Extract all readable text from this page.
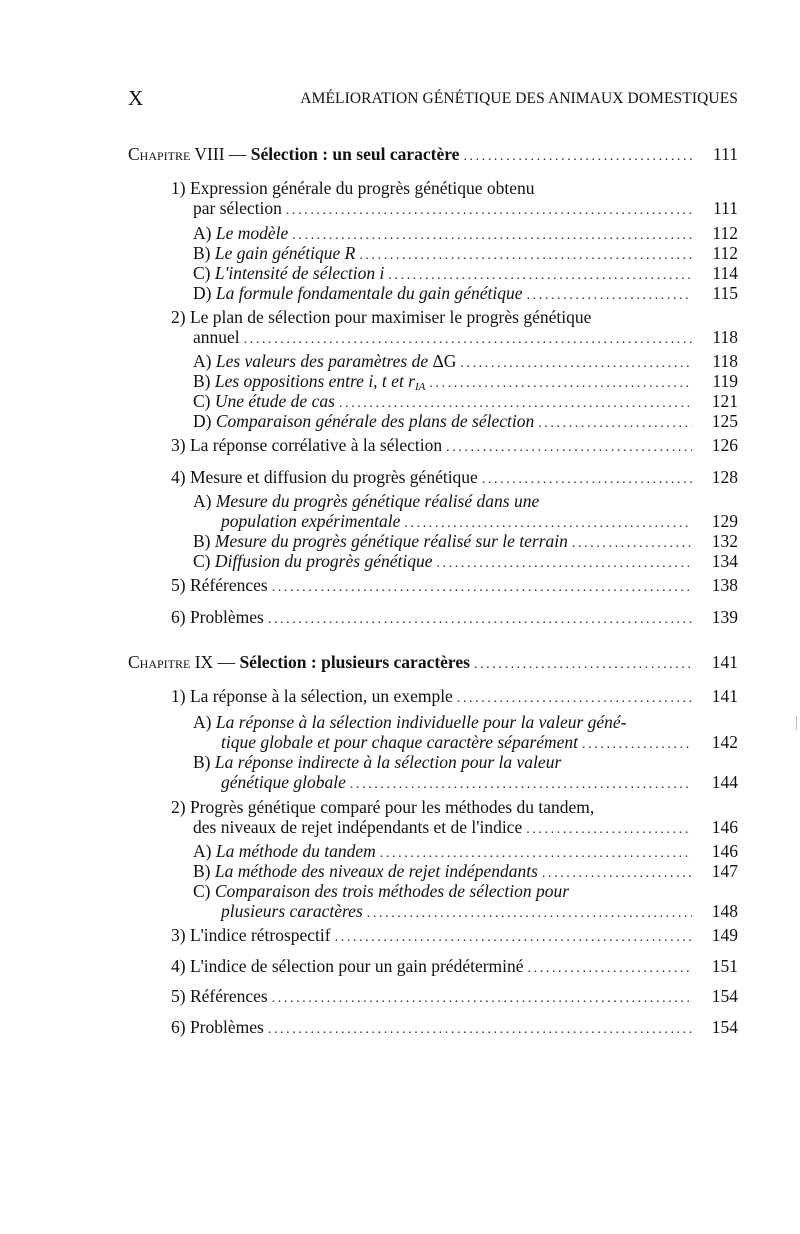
X	AMÉLIORATION GÉNÉTIQUE DES ANIMAUX DOMESTIQUES
Chapitre VIII — Sélection : un seul caractère .....	111
1) Expression générale du progrès génétique obtenu
par sélection .....	111
A) Le modèle .....	112
B) Le gain génétique R .....	112
C) L'intensité de sélection i .....	114
D) La formule fondamentale du gain génétique .....	115
2) Le plan de sélection pour maximiser le progrès génétique
annuel .....	118
A) Les valeurs des paramètres de ΔG .....	118
B) Les oppositions entre i, t et $r_{IA}$ .....	119
C) Une étude de cas .....	121
D) Comparaison générale des plans de sélection .....	125
3) La réponse corrélative à la sélection .....	126
4) Mesure et diffusion du progrès génétique .....	128
A) Mesure du progrès génétique réalisé dans une
population expérimentale .....	129
B) Mesure du progrès génétique réalisé sur le terrain .....	132
C) Diffusion du progrès génétique .....	134
5) Références .....	138
6) Problèmes .....	139
Chapitre IX — Sélection : plusieurs caractères .....	141
1) La réponse à la sélection, un exemple .....	141
A) La réponse à la sélection individuelle pour la valeur géné-
tique globale et pour chaque caractère séparément .....	142
B) La réponse indirecte à la sélection pour la valeur
génétique globale .....	144
2) Progrès génétique comparé pour les méthodes du tandem,
des niveaux de rejet indépendants et de l'indice .....	146
A) La méthode du tandem .....	146
B) La méthode des niveaux de rejet indépendants .....	147
C) Comparaison des trois méthodes de sélection pour
plusieurs caractères .....	148
3) L'indice rétrospectif .....	149
4) L'indice de sélection pour un gain prédéterminé .....	151
5) Références .....	154
6) Problèmes .....	154
